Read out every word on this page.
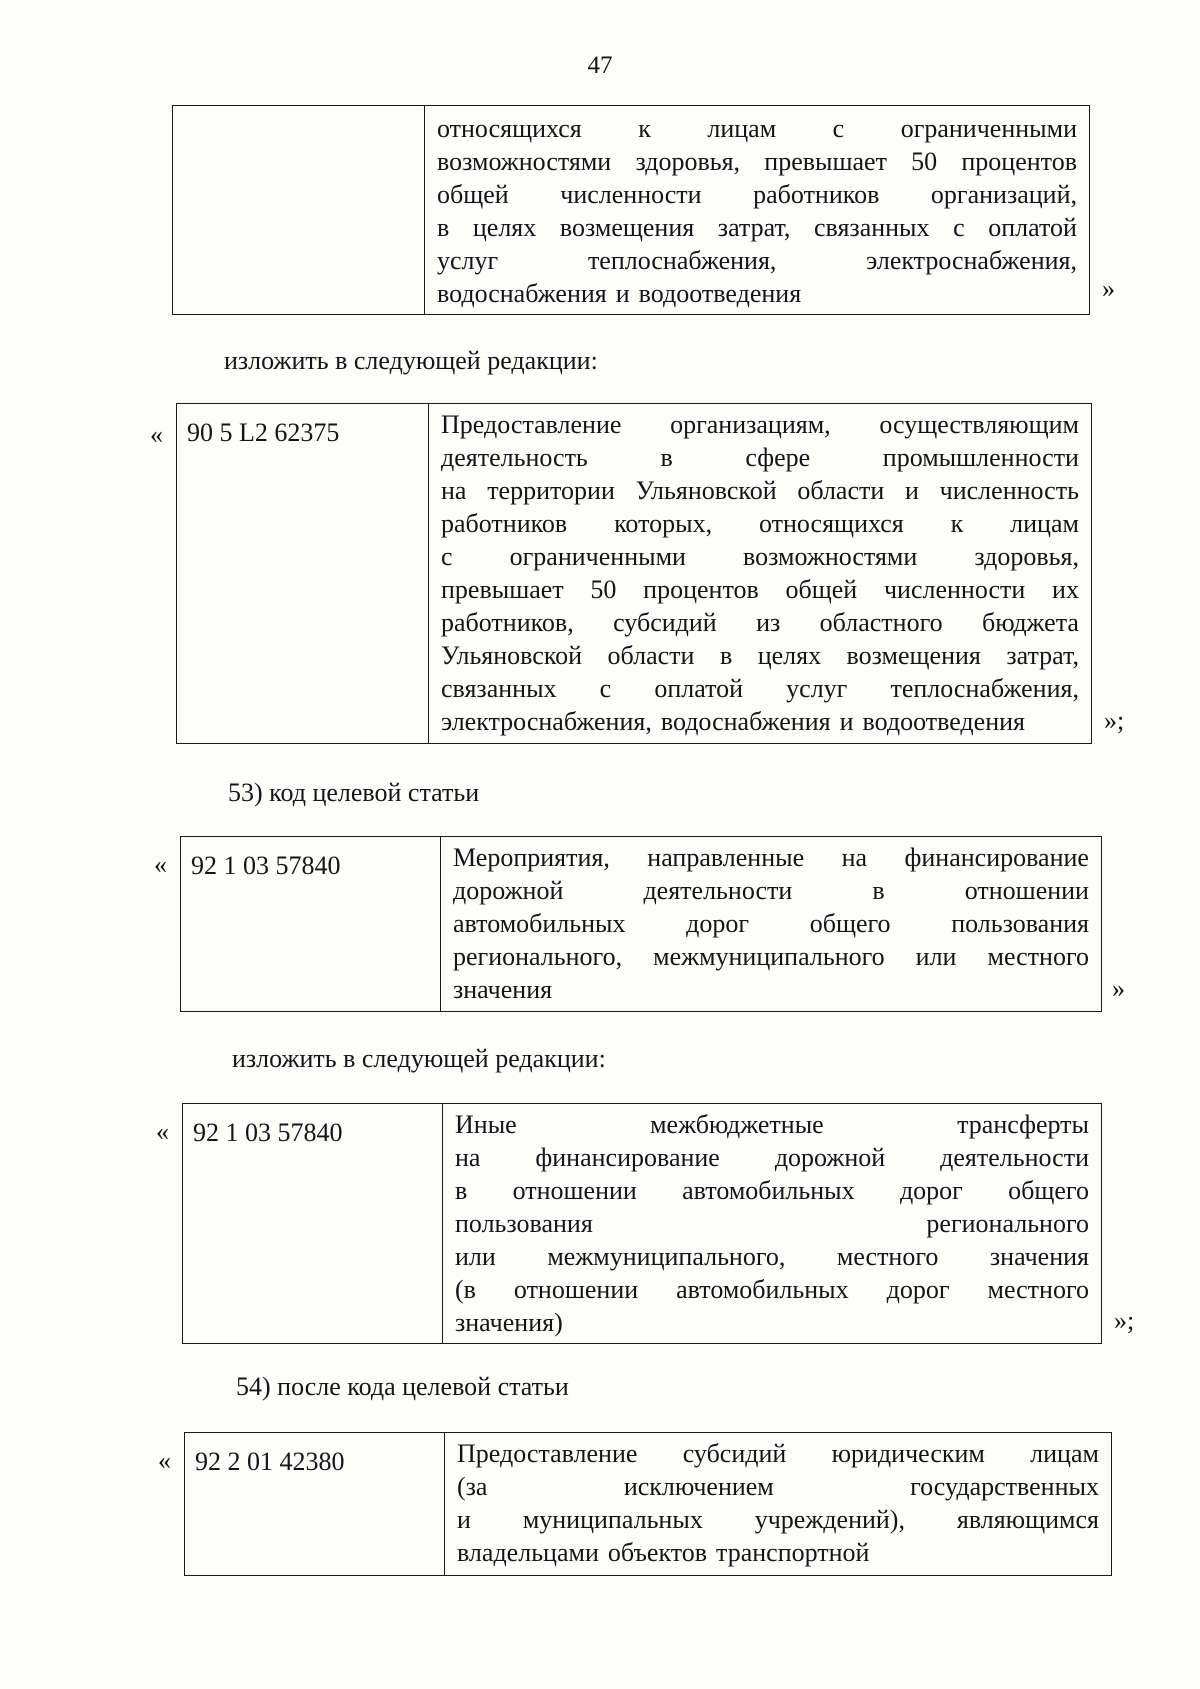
47
относящихся к лицам с ограниченными
возможностями здоровья, превышает 50 процентов
общей численности работников организаций,
в целях возмещения затрат, связанных с оплатой
услуг	теплоснабжения,	электроснабжения,
водоснабжения и водоотведения	»
изложить в следующей редакции:
« 90 5 L2 62375	Предоставление организациям, осуществляющим
деятельность	в	сфере	промышленности
на территории Ульяновской области и численность
работников которых, относящихся к лицам
с ограниченными возможностями здоровья,
превышает 50 процентов общей численности их
работников, субсидий из областного бюджета
Ульяновской области в целях возмещения затрат,
связанных с оплатой услуг теплоснабжения,
электроснабжения, водоснабжения и водоотведения	»;
53) код целевой статьи
« 92 1 03 57840	Мероприятия, направленные на финансирование
дорожной	деятельности	в	отношении
автомобильных дорог общего пользования
регионального, межмуниципального или местного
значения	»
изложить в следующей редакции:
« 92 1 03 57840	Иные	межбюджетные	трансферты
на финансирование дорожной деятельности
в отношении автомобильных дорог общего
пользования	регионального
или межмуниципального, местного значения
(в отношении автомобильных дорог местного
значения)	»;
54) после кода целевой статьи
« 92 2 01 42380	Предоставление субсидий юридическим лицам
(за	исключением	государственных
и муниципальных учреждений), являющимся
владельцами объектов транспортной
